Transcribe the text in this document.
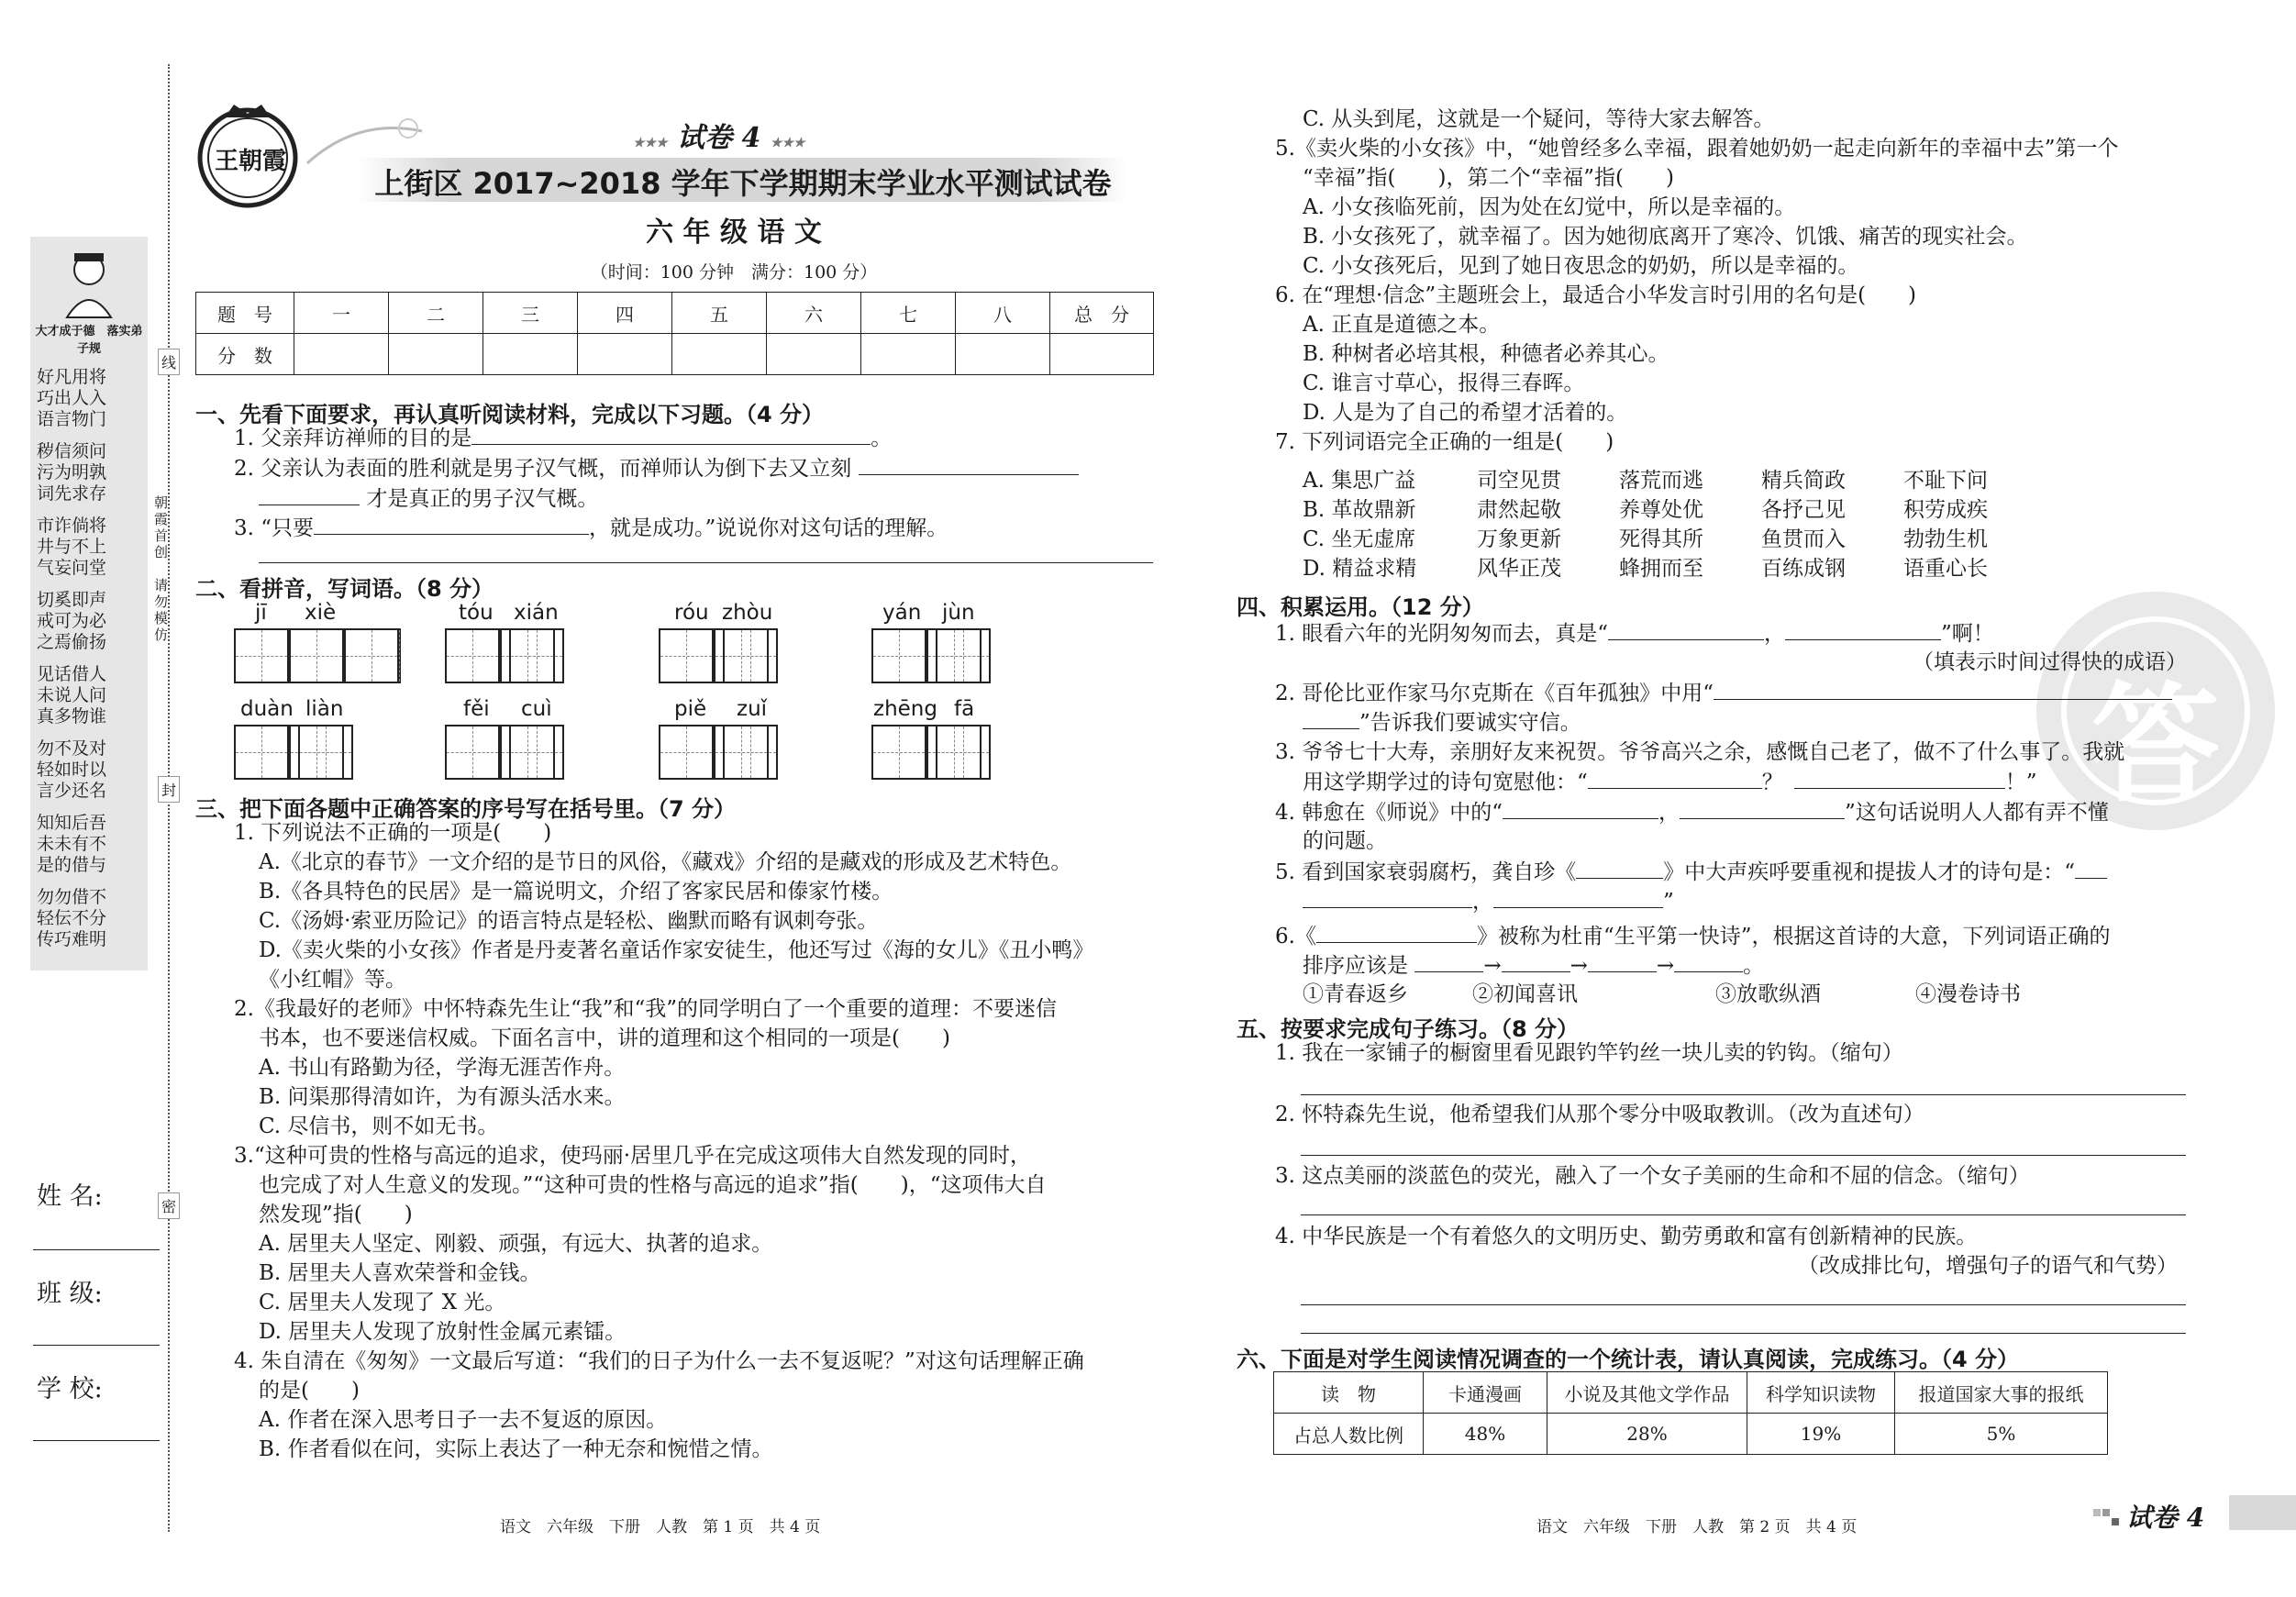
大才成于德　落实弟子规
好凡用将
巧出人入
语言物门
秽信须问
污为明孰
词先求存
市诈倘将
井与不上
气妄问堂
切奚即声
戒可为必
之焉偷扬
见话借人
未说人问
真多物谁
勿不及对
轻如时以
言少还名
知知后吾
未未有不
是的借与
勿勿借不
轻伝不分
传巧难明
姓 名:
班 级:
学 校:
线
朝霞首创　请勿模仿
封
密
王朝霞
★★★ 试卷 4 ★★★
上街区 2017~2018 学年下学期期末学业水平测试试卷
六 年 级 语 文
（时间：100 分钟　满分：100 分）
题　号	一	二	三	四	五	六	七	八	总　分
分　数									
一、先看下面要求，再认真听阅读材料，完成以下习题。（4 分）
1. 父亲拜访禅师的目的是	。
2. 父亲认为表面的胜利就是男子汉气概，而禅师认为倒下去又立刻
才是真正的男子汉气概。
3. “只要	，就是成功。”说说你对这句话的理解。
二、看拼音，写词语。（8 分）
jī xiè	tóu xián	róu zhòu	yán jùn
duàn liàn	fěi cuì	piě zuǐ	zhēng fā
三、把下面各题中正确答案的序号写在括号里。（7 分）
1. 下列说法不正确的一项是(　　)
A.《北京的春节》一文介绍的是节日的风俗，《藏戏》介绍的是藏戏的形成及艺术特色。
B.《各具特色的民居》是一篇说明文，介绍了客家民居和傣家竹楼。
C.《汤姆·索亚历险记》的语言特点是轻松、幽默而略有讽刺夸张。
D.《卖火柴的小女孩》作者是丹麦著名童话作家安徒生，他还写过《海的女儿》《丑小鸭》
《小红帽》等。
2.《我最好的老师》中怀特森先生让“我”和“我”的同学明白了一个重要的道理：不要迷信
书本，也不要迷信权威。下面名言中，讲的道理和这个相同的一项是(　　)
A. 书山有路勤为径，学海无涯苦作舟。
B. 问渠那得清如许，为有源头活水来。
C. 尽信书，则不如无书。
3.“这种可贵的性格与高远的追求，使玛丽·居里几乎在完成这项伟大自然发现的同时，
也完成了对人生意义的发现。”“这种可贵的性格与高远的追求”指(　　)，“这项伟大自
然发现”指(　　)
A. 居里夫人坚定、刚毅、顽强，有远大、执著的追求。
B. 居里夫人喜欢荣誉和金钱。
C. 居里夫人发现了 X 光。
D. 居里夫人发现了放射性金属元素镭。
4. 朱自清在《匆匆》一文最后写道：“我们的日子为什么一去不复返呢？”对这句话理解正确
的是(　　)
A. 作者在深入思考日子一去不复返的原因。
B. 作者看似在问，实际上表达了一种无奈和惋惜之情。
语文　六年级　下册　人教　第 1 页　共 4 页
答
C. 从头到尾，这就是一个疑问，等待大家去解答。
5.《卖火柴的小女孩》中，“她曾经多么幸福，跟着她奶奶一起走向新年的幸福中去”第一个
“幸福”指(　　)，第二个“幸福”指(　　)
A. 小女孩临死前，因为处在幻觉中，所以是幸福的。
B. 小女孩死了，就幸福了。因为她彻底离开了寒冷、饥饿、痛苦的现实社会。
C. 小女孩死后，见到了她日夜思念的奶奶，所以是幸福的。
6. 在“理想·信念”主题班会上，最适合小华发言时引用的名句是(　　)
A. 正直是道德之本。
B. 种树者必培其根，种德者必养其心。
C. 谁言寸草心，报得三春晖。
D. 人是为了自己的希望才活着的。
7. 下列词语完全正确的一组是(　　)
A. 集思广益	司空见贯	落荒而逃	精兵简政	不耻下问
B. 革故鼎新	肃然起敬	养尊处优	各抒己见	积劳成疾
C. 坐无虚席	万象更新	死得其所	鱼贯而入	勃勃生机
D. 精益求精	风华正茂	蜂拥而至	百练成钢	语重心长
四、积累运用。（12 分）
1. 眼看六年的光阴匆匆而去，真是“	，	”啊！
（填表示时间过得快的成语）
2. 哥伦比亚作家马尔克斯在《百年孤独》中用“
”告诉我们要诚实守信。
3. 爷爷七十大寿，亲朋好友来祝贺。爷爷高兴之余，感慨自己老了，做不了什么事了。我就
用这学期学过的诗句宽慰他：“	？	！”
4. 韩愈在《师说》中的“	，	”这句话说明人人都有弄不懂
的问题。
5. 看到国家衰弱腐朽，龚自珍《	》中大声疾呼要重视和提拔人才的诗句是：“
，	”
6.《	》被称为杜甫“生平第一快诗”，根据这首诗的大意，下列词语正确的
排序应该是	→	→	→	。
①青春返乡	②初闻喜讯	③放歌纵酒	④漫卷诗书
五、按要求完成句子练习。（8 分）
1. 我在一家铺子的橱窗里看见跟钓竿钓丝一块儿卖的钓钩。（缩句）
2. 怀特森先生说，他希望我们从那个零分中吸取教训。（改为直述句）
3. 这点美丽的淡蓝色的荧光，融入了一个女子美丽的生命和不屈的信念。（缩句）
4. 中华民族是一个有着悠久的文明历史、勤劳勇敢和富有创新精神的民族。
（改成排比句，增强句子的语气和气势）
六、下面是对学生阅读情况调查的一个统计表，请认真阅读，完成练习。（4 分）
读　物	卡通漫画	小说及其他文学作品	科学知识读物	报道国家大事的报纸
占总人数比例	48%	28%	19%	5%
语文　六年级　下册　人教　第 2 页　共 4 页	试卷 4
